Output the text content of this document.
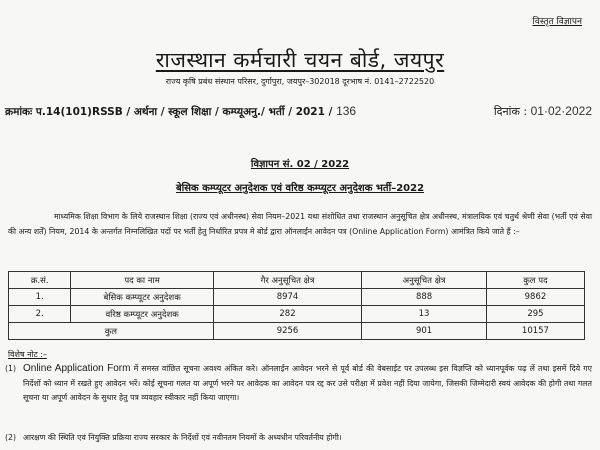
विस्तृत विज्ञापन
राजस्थान कर्मचारी चयन बोर्ड, जयपुर
राज्य कृषि प्रबंध संस्थान परिसर, दुर्गापुरा, जयपुर–302018 दूरभाष नं. 0141–2722520
क्रमांकः प.14(101)RSSB / अर्थना / स्कूल शिक्षा / कम्प्यूअनु./ भर्ती / 2021 / 136	दिनांक : 01·02·2022
विज्ञापन सं. 02 / 2022
बेसिक कम्प्यूटर अनुदेशक एवं वरिष्ठ कम्प्यूटर अनुदेशक भर्ती–2022
माध्यमिक शिक्षा विभाग के लिये राजस्थान शिक्षा (राज्य एवं अधीनस्थ) सेवा नियम–2021 यथा संशोधित तथा राजस्थान अनुसूचित क्षेत्र अधीनस्थ, मंत्रालयिक एवं चतुर्थ श्रेणी सेवा (भर्ती एवं सेवा की अन्य शर्तें) नियम, 2014 के अन्तर्गत निम्नलिखित पदों पर भर्ती हेतु निर्धारित प्रपत्र मे बोर्ड द्वारा ऑनलाईन आवेदन पत्र (Online Application Form) आमंत्रित किये जाते हैं :–
क्र.सं.	पद का नाम	गैर अनुसूचित क्षेत्र	अनुसूचित क्षेत्र	कुल पद
1.	बेसिक कम्प्यूटर अनुदेशक	8974	888	9862
2.	वरिष्ठ कम्प्यूटर अनुदेशक	282	13	295
कुल		9256	901	10157
विशेष नोट :–
(1) Online Application Form में समस्त वांछित सूचना अवश्य अंकित करे। ऑनलाईन आवेदन भरने से पूर्व बोर्ड की वेबसाईट पर उपलब्ध इस विज्ञप्ति को ध्यानपूर्वक पढ़ लें तथा इसमें दिये गए निर्देशों को ध्यान में रखते हुए आवेदन भरें। कोई सूचना गलत या अपूर्ण भरने पर आवेदक का आवेदन पत्र रद्द कर उसे परीक्षा में प्रवेश नहीं दिया जायेगा, जिसकी जिम्मेदारी स्वयं आवेदक की होगी तथा गलत सूचना या अपूर्ण आवेदन के सुधार हेतु पत्र व्यवहार स्वीकार नहीं किया जाएगा।
(2) आरक्षण की स्थिति एवं नियुक्ति प्रक्रिया राज्य सरकार के निर्देशों एवं नवीनतम नियमों के अध्यधीन परिवर्तनीय होगी।
